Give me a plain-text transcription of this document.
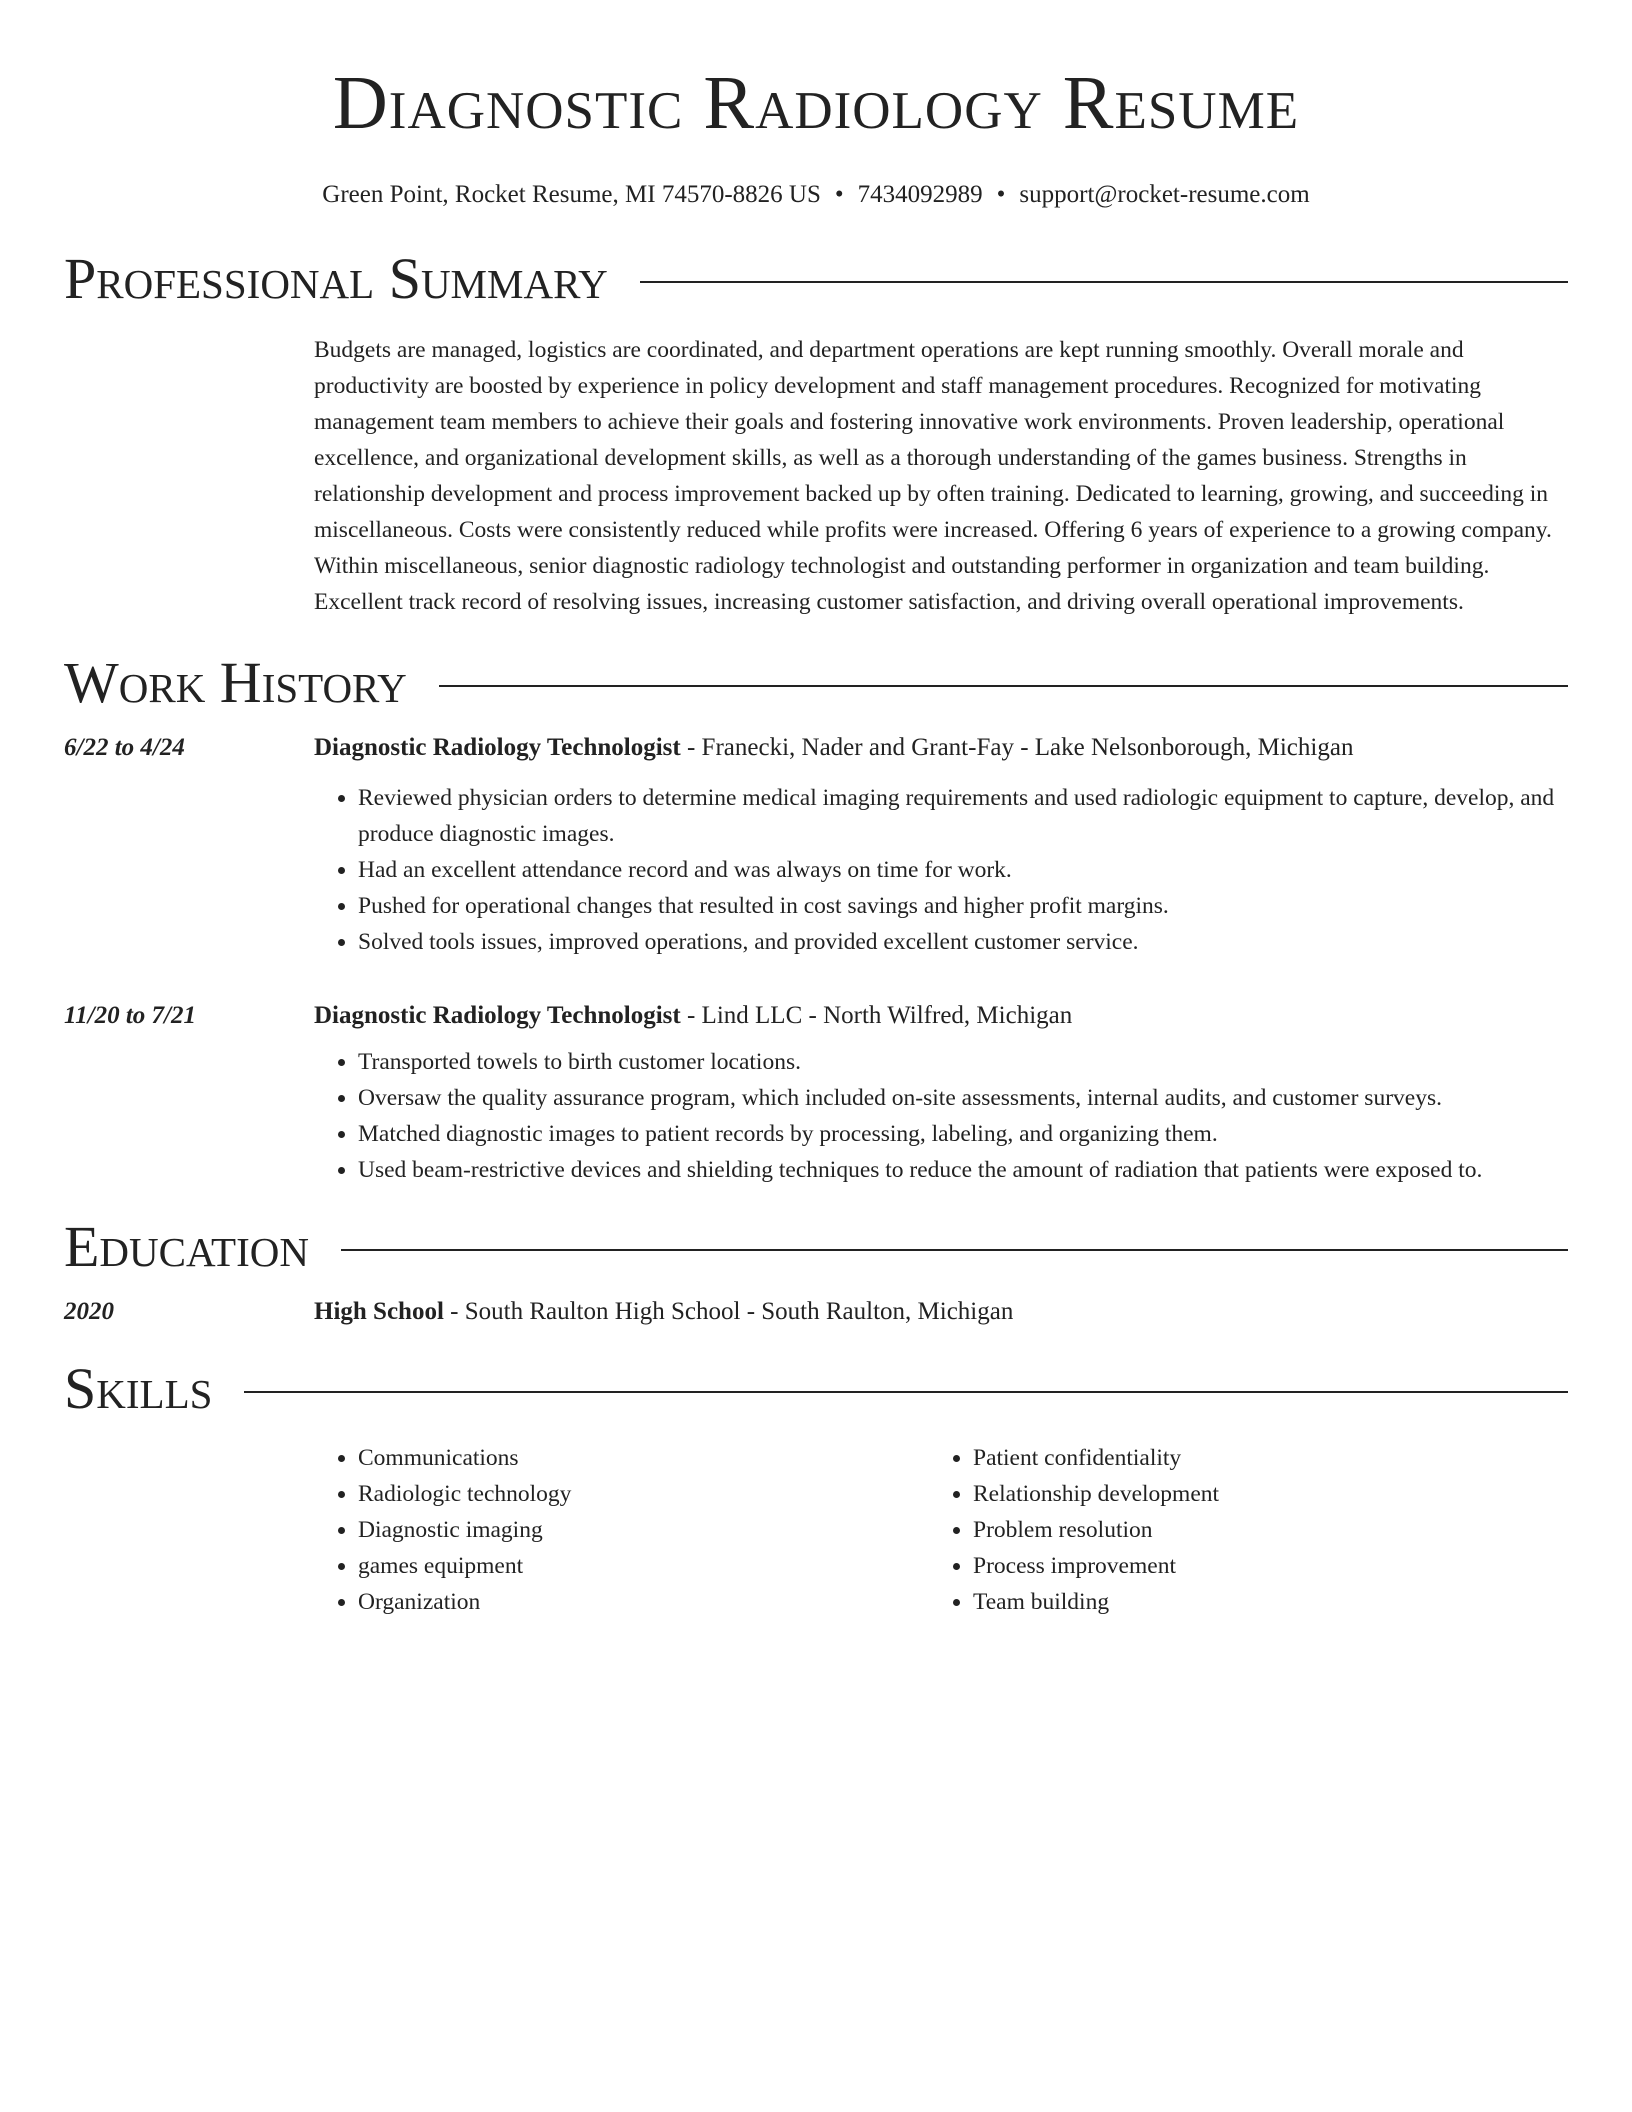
Diagnostic Radiology Resume
Green Point, Rocket Resume, MI 74570-8826 US • 7434092989 • support@rocket-resume.com
Professional Summary
Budgets are managed, logistics are coordinated, and department operations are kept running smoothly. Overall morale and productivity are boosted by experience in policy development and staff management procedures. Recognized for motivating management team members to achieve their goals and fostering innovative work environments. Proven leadership, operational excellence, and organizational development skills, as well as a thorough understanding of the games business. Strengths in relationship development and process improvement backed up by often training. Dedicated to learning, growing, and succeeding in miscellaneous. Costs were consistently reduced while profits were increased. Offering 6 years of experience to a growing company. Within miscellaneous, senior diagnostic radiology technologist and outstanding performer in organization and team building. Excellent track record of resolving issues, increasing customer satisfaction, and driving overall operational improvements.
Work History
6/22 to 4/24	Diagnostic Radiology Technologist - Franecki, Nader and Grant-Fay - Lake Nelsonborough, Michigan
• Reviewed physician orders to determine medical imaging requirements and used radiologic equipment to capture, develop, and produce diagnostic images.
• Had an excellent attendance record and was always on time for work.
• Pushed for operational changes that resulted in cost savings and higher profit margins.
• Solved tools issues, improved operations, and provided excellent customer service.
11/20 to 7/21	Diagnostic Radiology Technologist - Lind LLC - North Wilfred, Michigan
• Transported towels to birth customer locations.
• Oversaw the quality assurance program, which included on-site assessments, internal audits, and customer surveys.
• Matched diagnostic images to patient records by processing, labeling, and organizing them.
• Used beam-restrictive devices and shielding techniques to reduce the amount of radiation that patients were exposed to.
Education
2020	High School - South Raulton High School - South Raulton, Michigan
Skills
• Communications
• Radiologic technology
• Diagnostic imaging
• games equipment
• Organization
• Patient confidentiality
• Relationship development
• Problem resolution
• Process improvement
• Team building
